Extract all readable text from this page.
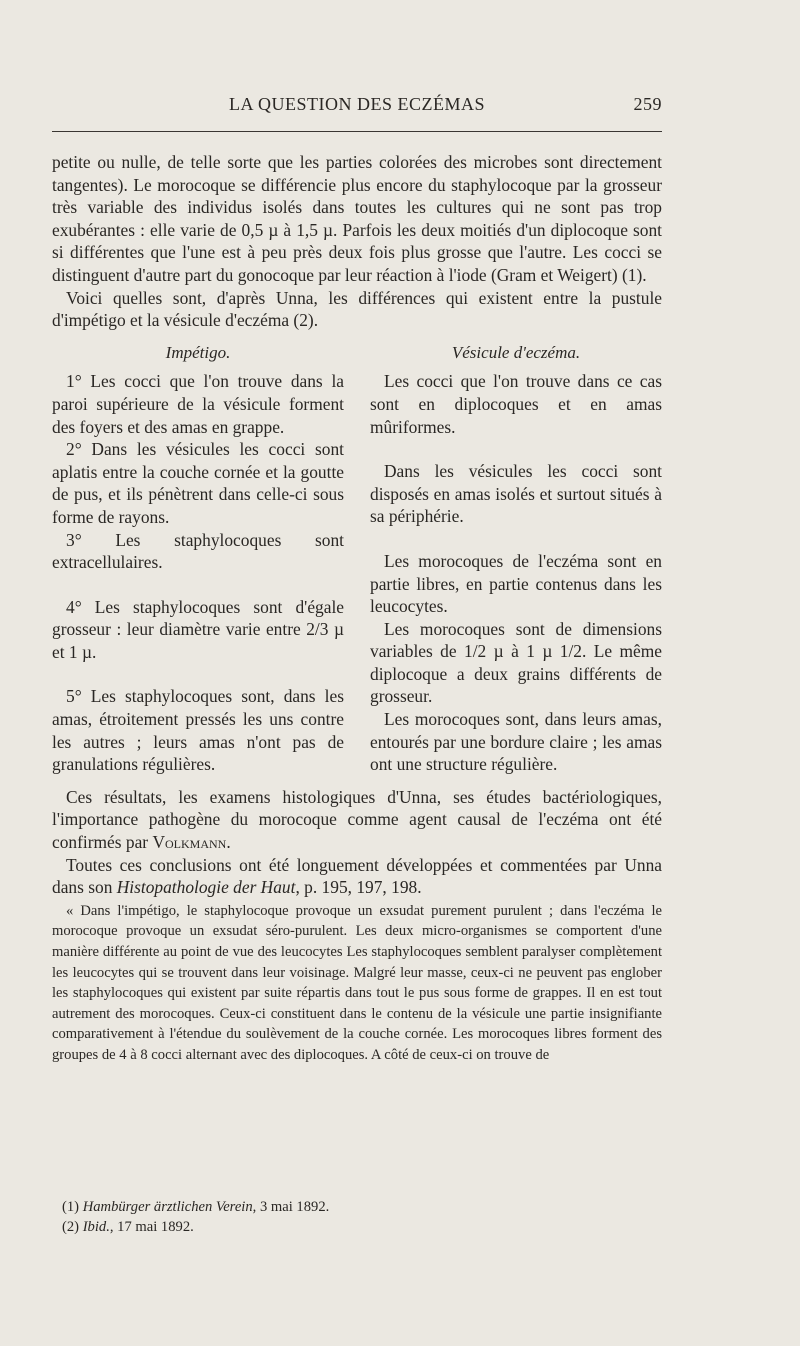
LA QUESTION DES ECZÉMAS	259

petite ou nulle, de telle sorte que les parties colorées des microbes sont directement tangentes). Le morocoque se différencie plus encore du staphylocoque par la grosseur très variable des individus isolés dans toutes les cultures qui ne sont pas trop exubérantes : elle varie de 0,5 µ à 1,5 µ. Parfois les deux moitiés d'un diplocoque sont si différentes que l'une est à peu près deux fois plus grosse que l'autre. Les cocci se distinguent d'autre part du gonocoque par leur réaction à l'iode (Gram et Weigert) (1).

Voici quelles sont, d'après Unna, les différences qui existent entre la pustule d'impétigo et la vésicule d'eczéma (2).

Impétigo.

1° Les cocci que l'on trouve dans la paroi supérieure de la vésicule forment des foyers et des amas en grappe.

2° Dans les vésicules les cocci sont aplatis entre la couche cornée et la goutte de pus, et ils pénètrent dans celle-ci sous forme de rayons.

3° Les staphylocoques sont extracellulaires.

4° Les staphylocoques sont d'égale grosseur : leur diamètre varie entre 2/3 µ et 1 µ.

5° Les staphylocoques sont, dans les amas, étroitement pressés les uns contre les autres ; leurs amas n'ont pas de granulations régulières.

Vésicule d'eczéma.

Les cocci que l'on trouve dans ce cas sont en diplocoques et en amas mûriformes.

Dans les vésicules les cocci sont disposés en amas isolés et surtout situés à sa périphérie.

Les morocoques de l'eczéma sont en partie libres, en partie contenus dans les leucocytes.

Les morocoques sont de dimensions variables de 1/2 µ à 1 µ 1/2. Le même diplocoque a deux grains différents de grosseur.

Les morocoques sont, dans leurs amas, entourés par une bordure claire ; les amas ont une structure régulière.

Ces résultats, les examens histologiques d'Unna, ses études bactériologiques, l'importance pathogène du morocoque comme agent causal de l'eczéma ont été confirmés par Volkmann.

Toutes ces conclusions ont été longuement développées et commentées par Unna dans son Histopathologie der Haut, p. 195, 197, 198.

« Dans l'impétigo, le staphylocoque provoque un exsudat purement purulent ; dans l'eczéma le morocoque provoque un exsudat séro-purulent. Les deux micro-organismes se comportent d'une manière différente au point de vue des leucocytes Les staphylocoques semblent paralyser complètement les leucocytes qui se trouvent dans leur voisinage. Malgré leur masse, ceux-ci ne peuvent pas englober les staphylocoques qui existent par suite répartis dans tout le pus sous forme de grappes. Il en est tout autrement des morocoques. Ceux-ci constituent dans le contenu de la vésicule une partie insignifiante comparativement à l'étendue du soulèvement de la couche cornée. Les morocoques libres forment des groupes de 4 à 8 cocci alternant avec des diplocoques. A côté de ceux-ci on trouve de

(1) Hambürger ärztlichen Verein, 3 mai 1892.
(2) Ibid., 17 mai 1892.
